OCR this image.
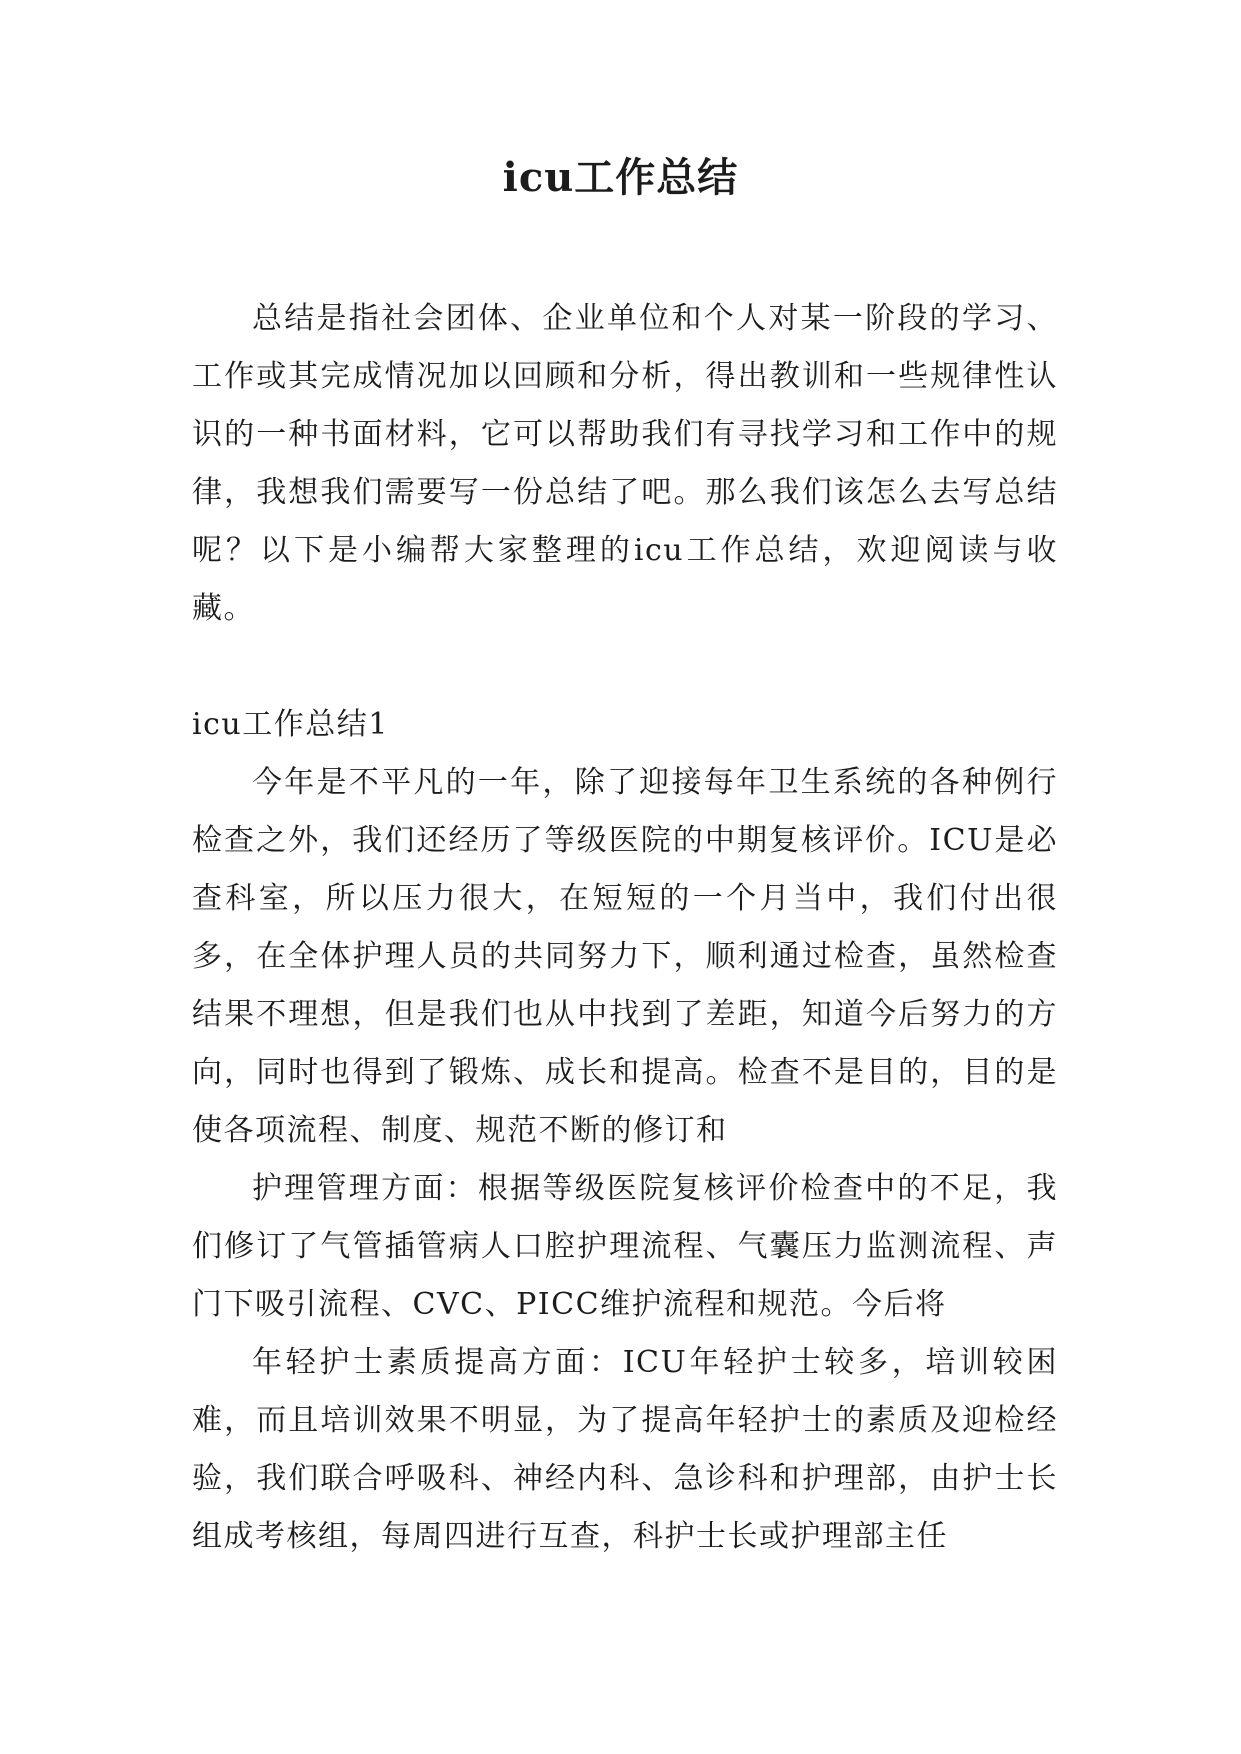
icu工作总结

总结是指社会团体、企业单位和个人对某一阶段的学习、工作或其完成情况加以回顾和分析，得出教训和一些规律性认识的一种书面材料，它可以帮助我们有寻找学习和工作中的规律，我想我们需要写一份总结了吧。那么我们该怎么去写总结呢？以下是小编帮大家整理的icu工作总结，欢迎阅读与收藏。

icu工作总结1

今年是不平凡的一年，除了迎接每年卫生系统的各种例行检查之外，我们还经历了等级医院的中期复核评价。ICU是必查科室，所以压力很大，在短短的一个月当中，我们付出很多，在全体护理人员的共同努力下，顺利通过检查，虽然检查结果不理想，但是我们也从中找到了差距，知道今后努力的方向，同时也得到了锻炼、成长和提高。检查不是目的，目的是使各项流程、制度、规范不断的修订和

护理管理方面：根据等级医院复核评价检查中的不足，我们修订了气管插管病人口腔护理流程、气囊压力监测流程、声门下吸引流程、CVC、PICC维护流程和规范。今后将

年轻护士素质提高方面：ICU年轻护士较多，培训较困难，而且培训效果不明显，为了提高年轻护士的素质及迎检经验，我们联合呼吸科、神经内科、急诊科和护理部，由护士长组成考核组，每周四进行互查，科护士长或护理部主任
